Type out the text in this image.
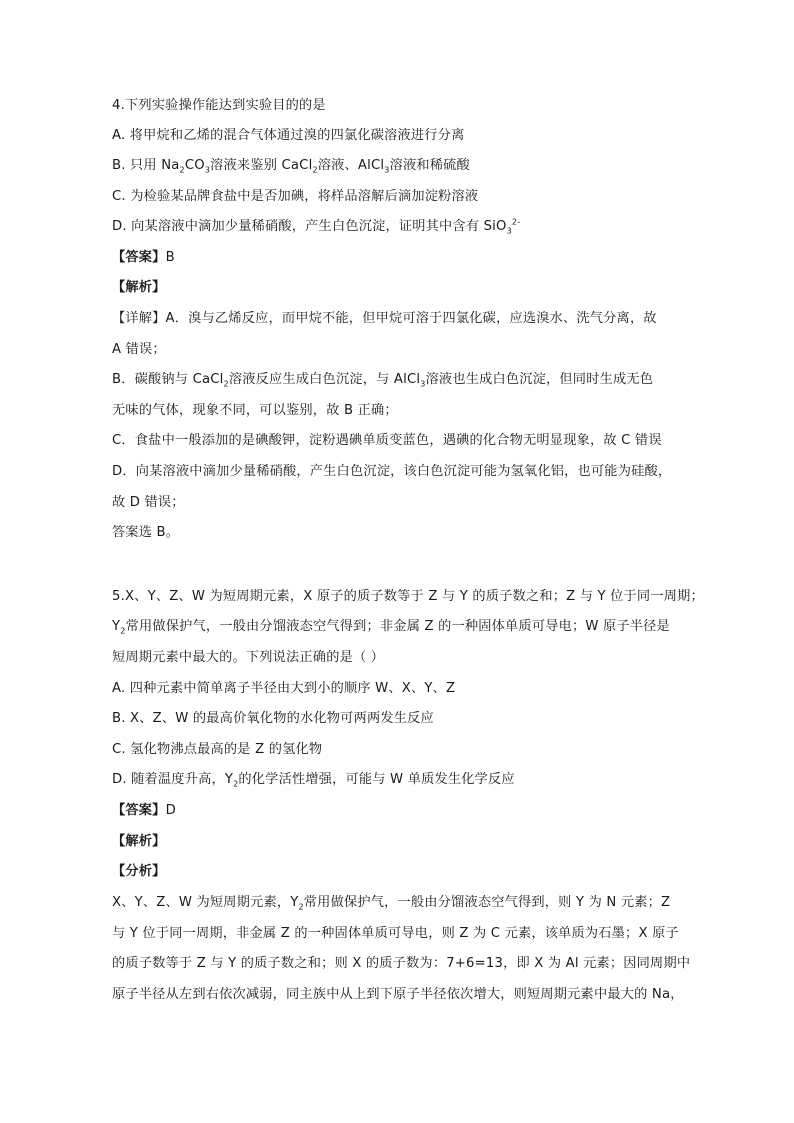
4.下列实验操作能达到实验目的的是
A. 将甲烷和乙烯的混合气体通过溴的四氯化碳溶液进行分离
B. 只用 $Na_2CO_3$溶液来鉴别 CaCl$_2$溶液、AlCl$_3$溶液和稀硫酸
C. 为检验某品牌食盐中是否加碘，将样品溶解后滴加淀粉溶液
D. 向某溶液中滴加少量稀硝酸，产生白色沉淀，证明其中含有 SiO$_3^{2-}$
【答案】B
【解析】
【详解】A．溴与乙烯反应，而甲烷不能，但甲烷可溶于四氯化碳，应选溴水、洗气分离，故
A 错误；
B．碳酸钠与 CaCl$_2$溶液反应生成白色沉淀，与 AlCl$_3$溶液也生成白色沉淀，但同时生成无色
无味的气体，现象不同，可以鉴别，故 B 正确；
C．食盐中一般添加的是碘酸钾，淀粉遇碘单质变蓝色，遇碘的化合物无明显现象，故 C 错误
D．向某溶液中滴加少量稀硝酸，产生白色沉淀，该白色沉淀可能为氢氧化铝，也可能为硅酸，
故 D 错误；
答案选 B。
5.X、Y、Z、W 为短周期元素，X 原子的质子数等于 Z 与 Y 的质子数之和；Z 与 Y 位于同一周期；
$Y_2$常用做保护气，一般由分馏液态空气得到；非金属 Z 的一种固体单质可导电；W 原子半径是
短周期元素中最大的。下列说法正确的是（ ）
A. 四种元素中简单离子半径由大到小的顺序 W、X、Y、Z
B. X、Z、W 的最高价氧化物的水化物可两两发生反应
C. 氢化物沸点最高的是 Z 的氢化物
D. 随着温度升高，$Y_2$的化学活性增强，可能与 W 单质发生化学反应
【答案】D
【解析】
【分析】
X、Y、Z、W 为短周期元素，$Y_2$常用做保护气，一般由分馏液态空气得到，则 Y 为 N 元素；Z
与 Y 位于同一周期，非金属 Z 的一种固体单质可导电，则 Z 为 C 元素，该单质为石墨；X 原子
的质子数等于 Z 与 Y 的质子数之和；则 X 的质子数为：7+6=13，即 X 为 Al 元素；因同周期中
原子半径从左到右依次减弱，同主族中从上到下原子半径依次增大，则短周期元素中最大的 Na，
